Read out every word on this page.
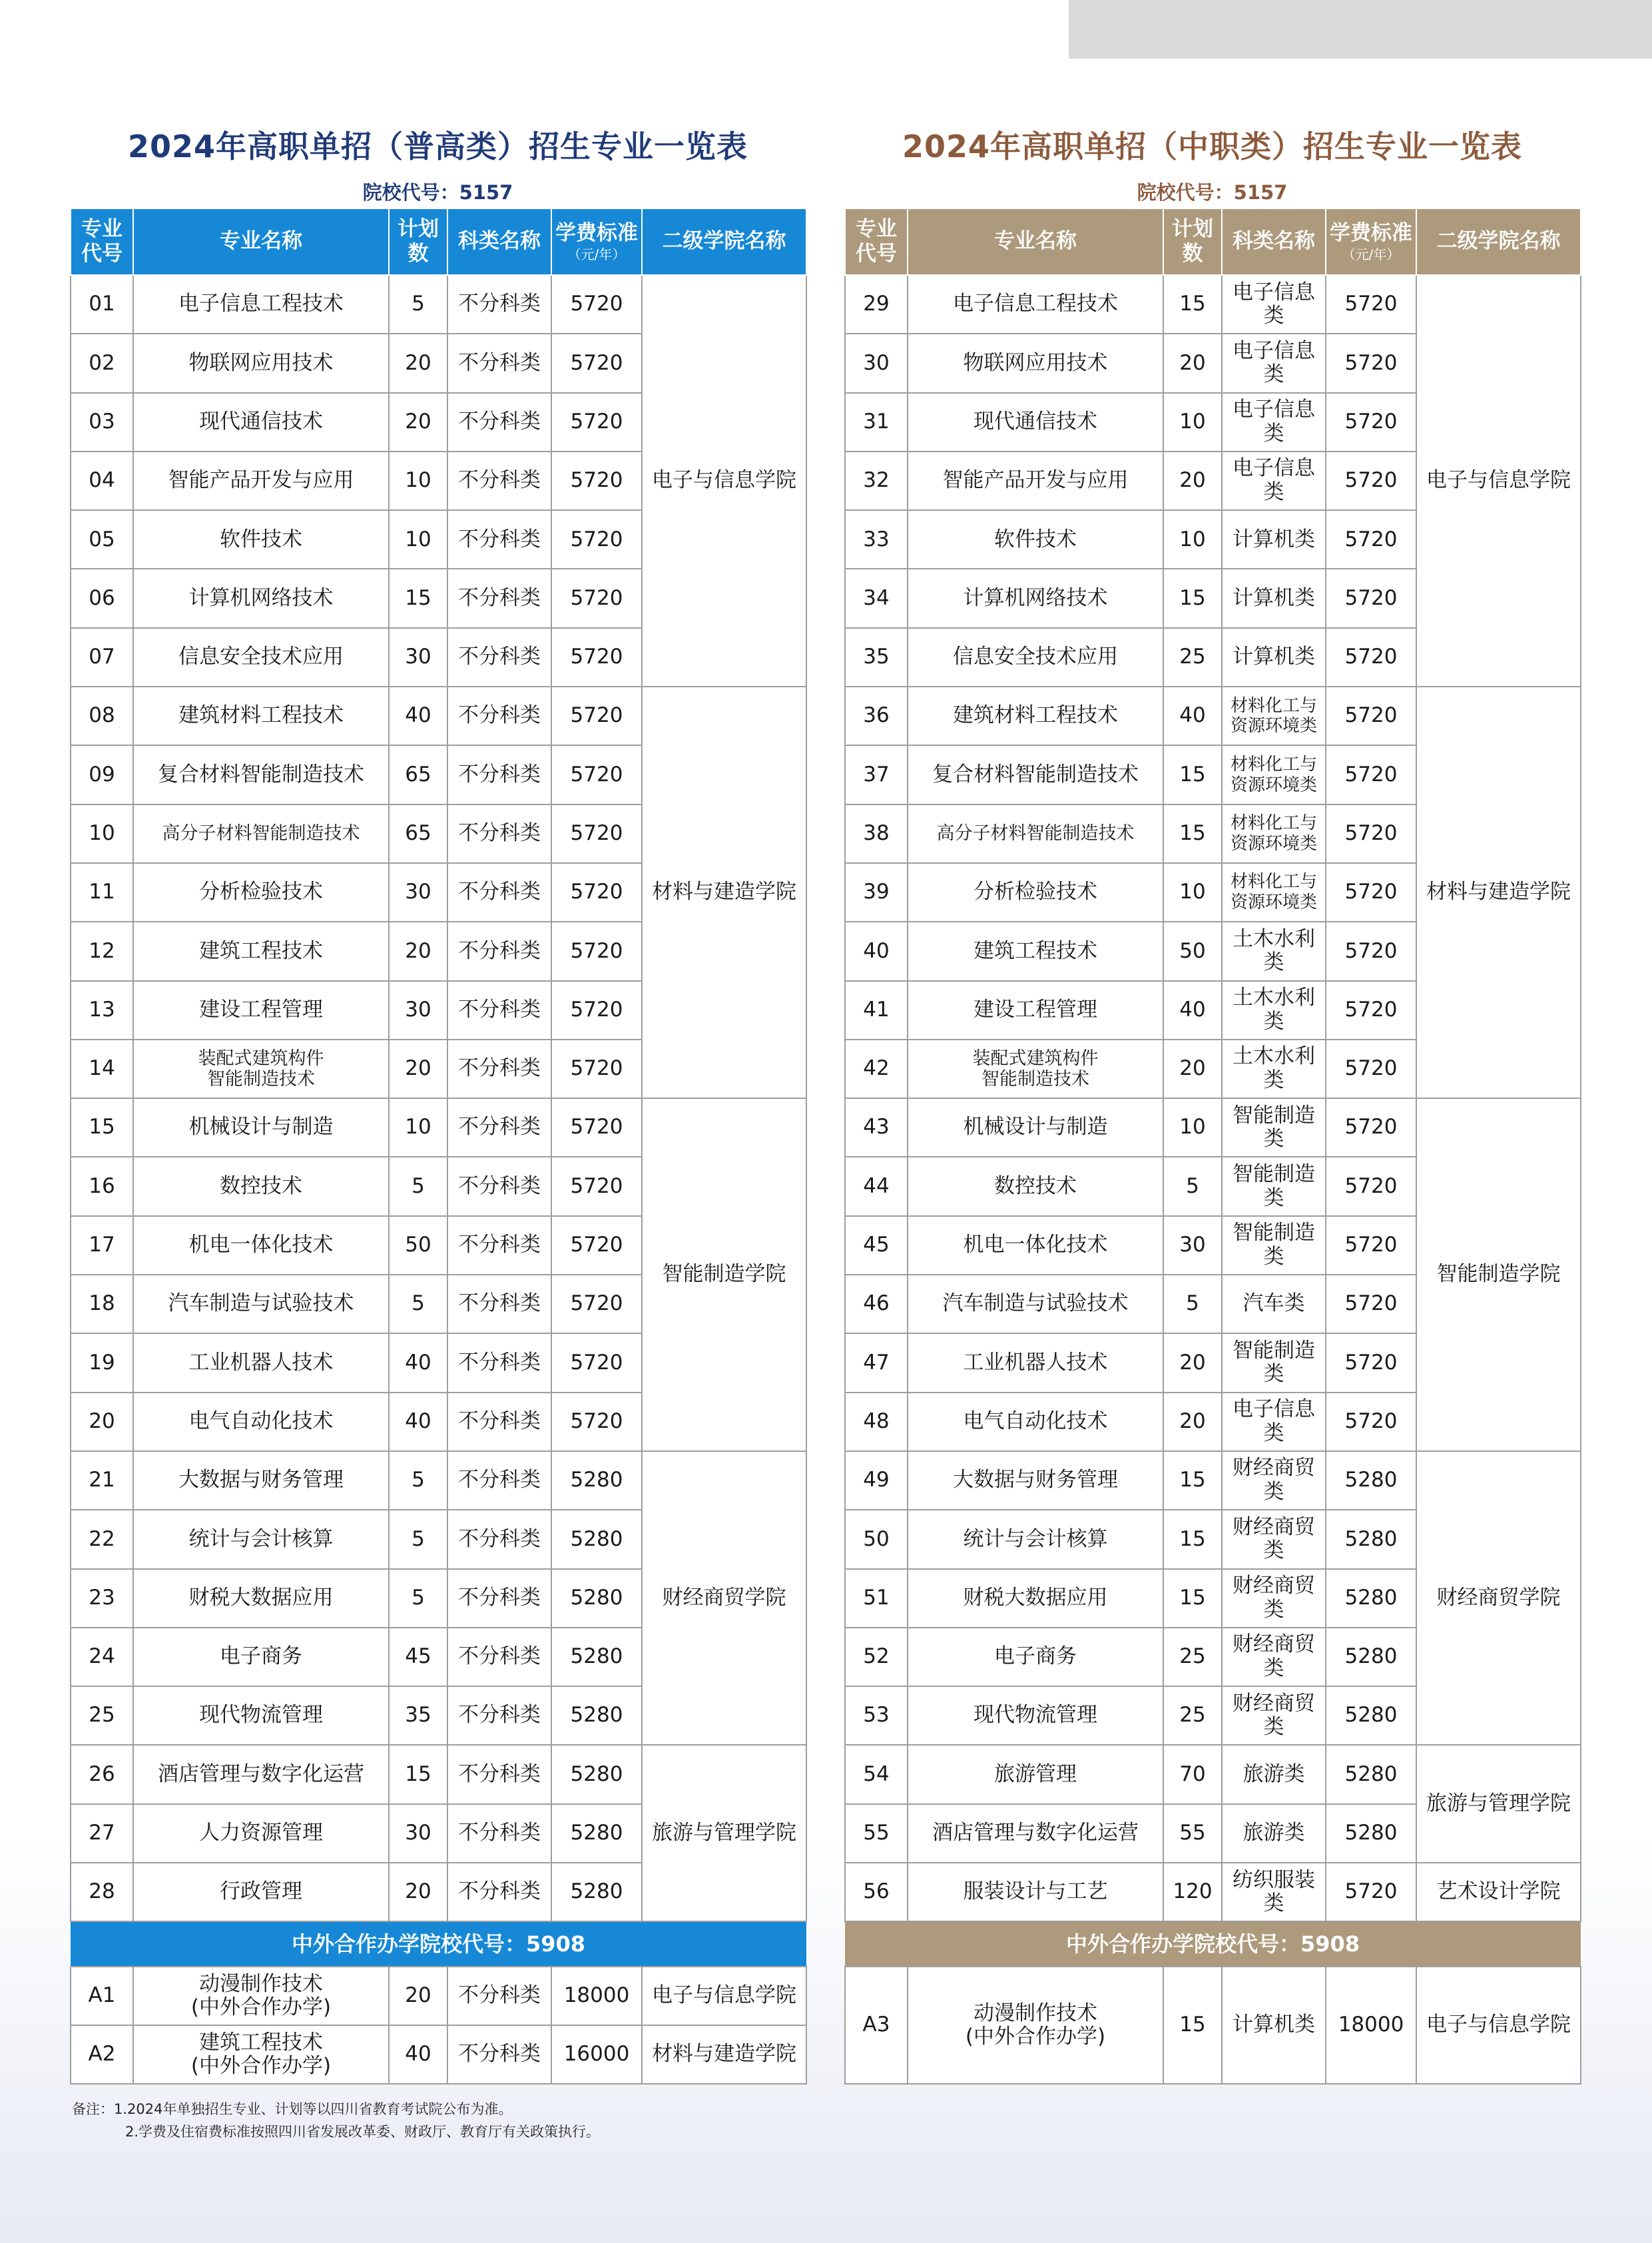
2024年高职单招（普高类）招生专业一览表
院校代号：5157
专业代号	专业名称	计划数	科类名称	学费标准
（元/年）	二级学院名称
01	电子信息工程技术	5	不分科类	5720	电子与信息学院
02	物联网应用技术	20	不分科类	5720	
03	现代通信技术	20	不分科类	5720	
04	智能产品开发与应用	10	不分科类	5720	
05	软件技术	10	不分科类	5720	
06	计算机网络技术	15	不分科类	5720	
07	信息安全技术应用	30	不分科类	5720	
08	建筑材料工程技术	40	不分科类	5720	材料与建造学院
09	复合材料智能制造技术	65	不分科类	5720	
10	高分子材料智能制造技术	65	不分科类	5720	
11	分析检验技术	30	不分科类	5720	
12	建筑工程技术	20	不分科类	5720	
13	建设工程管理	30	不分科类	5720	
14	装配式建筑构件
智能制造技术	20	不分科类	5720	
15	机械设计与制造	10	不分科类	5720	智能制造学院
16	数控技术	5	不分科类	5720	
17	机电一体化技术	50	不分科类	5720	
18	汽车制造与试验技术	5	不分科类	5720	
19	工业机器人技术	40	不分科类	5720	
20	电气自动化技术	40	不分科类	5720	
21	大数据与财务管理	5	不分科类	5280	财经商贸学院
22	统计与会计核算	5	不分科类	5280	
23	财税大数据应用	5	不分科类	5280	
24	电子商务	45	不分科类	5280	
25	现代物流管理	35	不分科类	5280	
26	酒店管理与数字化运营	15	不分科类	5280	旅游与管理学院
27	人力资源管理	30	不分科类	5280	
28	行政管理	20	不分科类	5280	
中外合作办学院校代号：5908					
A1	动漫制作技术
(中外合作办学)	20	不分科类	18000	电子与信息学院
A2	建筑工程技术
(中外合作办学)	40	不分科类	16000	材料与建造学院
2024年高职单招（中职类）招生专业一览表
院校代号：5157
专业代号	专业名称	计划数	科类名称	学费标准
（元/年）	二级学院名称
29	电子信息工程技术	15	电子信息类	5720	电子与信息学院
30	物联网应用技术	20	电子信息类	5720	
31	现代通信技术	10	电子信息类	5720	
32	智能产品开发与应用	20	电子信息类	5720	
33	软件技术	10	计算机类	5720	
34	计算机网络技术	15	计算机类	5720	
35	信息安全技术应用	25	计算机类	5720	
36	建筑材料工程技术	40	材料化工与
资源环境类	5720	材料与建造学院
37	复合材料智能制造技术	15	材料化工与
资源环境类	5720	
38	高分子材料智能制造技术	15	材料化工与
资源环境类	5720	
39	分析检验技术	10	材料化工与
资源环境类	5720	
40	建筑工程技术	50	土木水利类	5720	
41	建设工程管理	40	土木水利类	5720	
42	装配式建筑构件
智能制造技术	20	土木水利类	5720	
43	机械设计与制造	10	智能制造类	5720	智能制造学院
44	数控技术	5	智能制造类	5720	
45	机电一体化技术	30	智能制造类	5720	
46	汽车制造与试验技术	5	汽车类	5720	
47	工业机器人技术	20	智能制造类	5720	
48	电气自动化技术	20	电子信息类	5720	
49	大数据与财务管理	15	财经商贸类	5280	财经商贸学院
50	统计与会计核算	15	财经商贸类	5280	
51	财税大数据应用	15	财经商贸类	5280	
52	电子商务	25	财经商贸类	5280	
53	现代物流管理	25	财经商贸类	5280	
54	旅游管理	70	旅游类	5280	旅游与管理学院
55	酒店管理与数字化运营	55	旅游类	5280	
56	服装设计与工艺	120	纺织服装类	5720	艺术设计学院
中外合作办学院校代号：5908					
A3	动漫制作技术
(中外合作办学)	15	计算机类	18000	电子与信息学院
备注：1.2024年单独招生专业、计划等以四川省教育考试院公布为准。
2.学费及住宿费标准按照四川省发展改革委、财政厅、教育厅有关政策执行。
